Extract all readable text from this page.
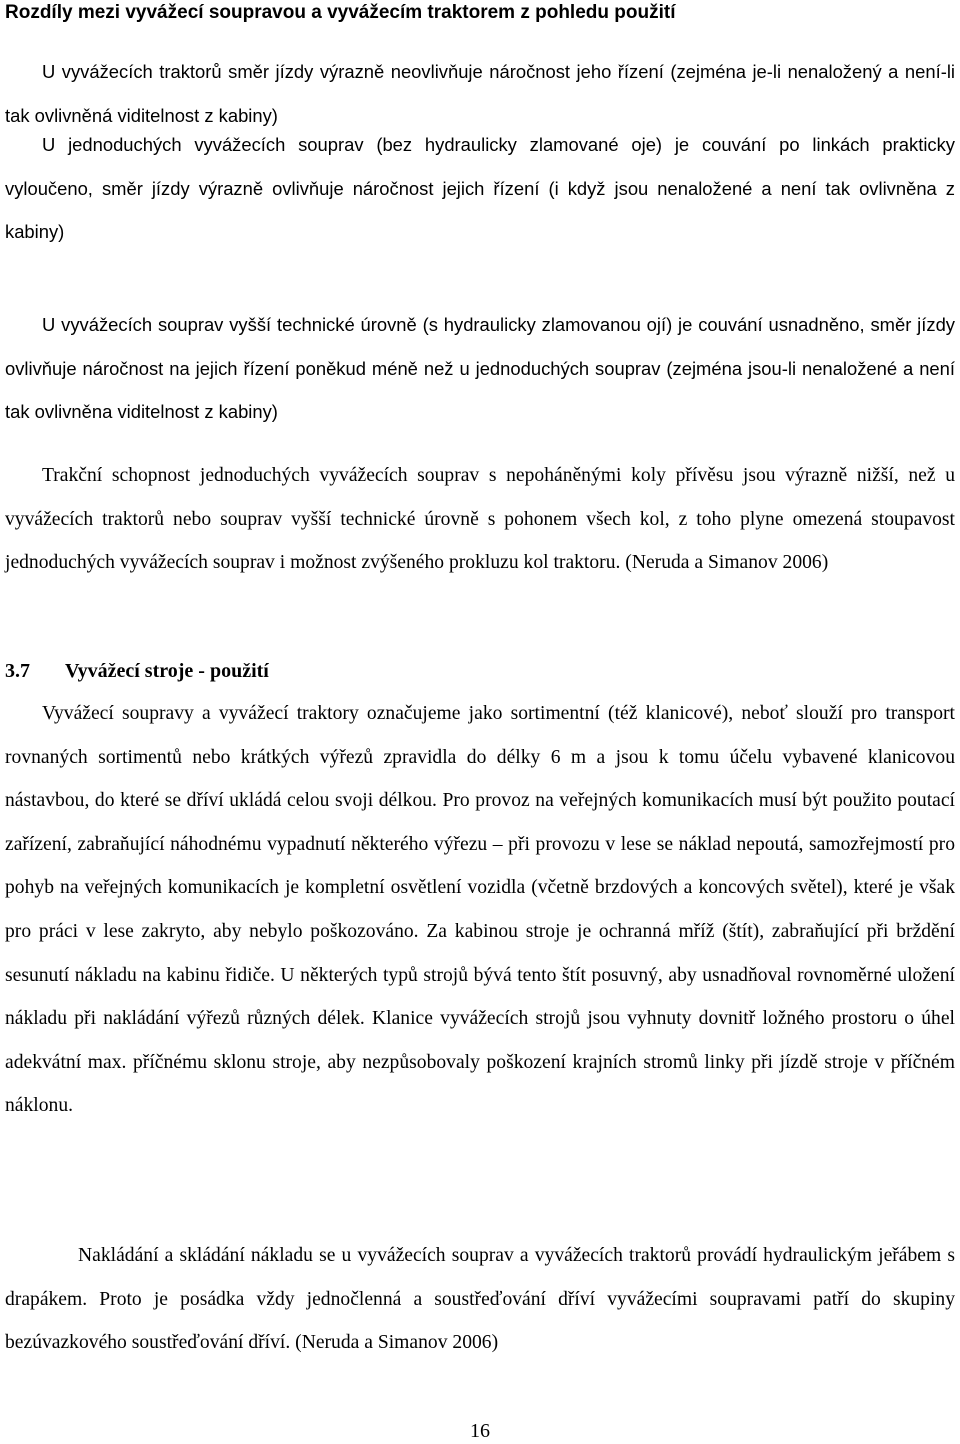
Rozdíly mezi vyvážecí soupravou a vyvážecím traktorem z pohledu použití

U vyvážecích traktorů směr jízdy výrazně neovlivňuje náročnost jeho řízení (zejména je-li nenaložený a není-li tak ovlivněná viditelnost z kabiny)

U jednoduchých vyvážecích souprav (bez hydraulicky zlamované oje) je couvání po linkách prakticky vyloučeno, směr jízdy výrazně ovlivňuje náročnost jejich řízení (i když jsou nenaložené a není tak ovlivněna z kabiny)

U vyvážecích souprav vyšší technické úrovně (s hydraulicky zlamovanou ojí) je couvání usnadněno, směr jízdy ovlivňuje náročnost na jejich řízení poněkud méně než u jednoduchých souprav (zejména jsou-li nenaložené a není tak ovlivněna viditelnost z kabiny)

Trakční schopnost jednoduchých vyvážecích souprav s nepoháněnými koly přívěsu jsou výrazně nižší, než u vyvážecích traktorů nebo souprav vyšší technické úrovně s pohonem všech kol, z toho plyne omezená stoupavost jednoduchých vyvážecích souprav i možnost zvýšeného prokluzu kol traktoru. (Neruda a Simanov 2006)

3.7 Vyvážecí stroje - použití

Vyvážecí soupravy a vyvážecí traktory označujeme jako sortimentní (též klanicové), neboť slouží pro transport rovnaných sortimentů nebo krátkých výřezů zpravidla do délky 6 m a jsou k tomu účelu vybavené klanicovou nástavbou, do které se dříví ukládá celou svoji délkou. Pro provoz na veřejných komunikacích musí být použito poutací zařízení, zabraňující náhodnému vypadnutí některého výřezu – při provozu v lese se náklad nepoutá, samozřejmostí pro pohyb na veřejných komunikacích je kompletní osvětlení vozidla (včetně brzdových a koncových světel), které je však pro práci v lese zakryto, aby nebylo poškozováno. Za kabinou stroje je ochranná mříž (štít), zabraňující při brždění sesunutí nákladu na kabinu řidiče. U některých typů strojů bývá tento štít posuvný, aby usnadňoval rovnoměrné uložení nákladu při nakládání výřezů různých délek. Klanice vyvážecích strojů jsou vyhnuty dovnitř ložného prostoru o úhel adekvátní max. příčnému sklonu stroje, aby nezpůsobovaly poškození krajních stromů linky při jízdě stroje v příčném náklonu.

Nakládání a skládání nákladu se u vyvážecích souprav a vyvážecích traktorů provádí hydraulickým jeřábem s drapákem. Proto je posádka vždy jednočlenná a soustřeďování dříví vyvážecími soupravami patří do skupiny bezúvazkového soustřeďování dříví. (Neruda a Simanov 2006)

16
